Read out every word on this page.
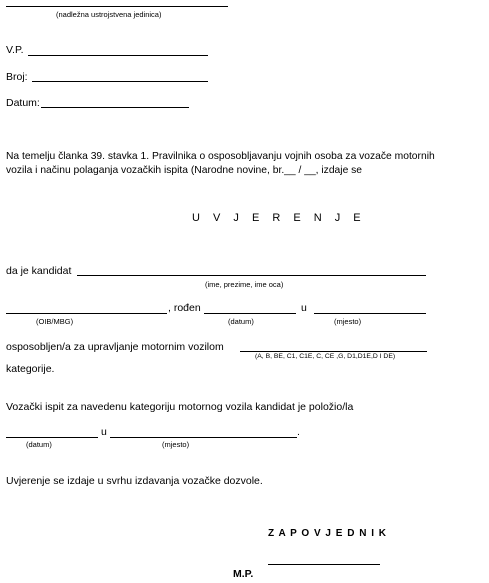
(nadležna ustrojstvena jedinica)
V.P.
Broj:
Datum:
Na temelju članka 39. stavka 1. Pravilnika o osposobljavanju vojnih osoba za vozače motornih
vozila i načinu polaganja vozačkih ispita (Narodne novine, br.__ / __, izdaje se
U V J E R E N J E
da je kandidat
(ime, prezime, ime oca)
, rođen	u
(OIB/MBG)	(datum)	(mjesto)
osposobljen/a za upravljanje motornim vozilom
(A, B, BE, C1, C1E, C, CE ,G, D1,D1E,D I DE)
kategorije.
Vozački ispit za navedenu kategoriju motornog vozila kandidat je položio/la
u	.
(datum)	(mjesto)
Uvjerenje se izdaje u svrhu izdavanja vozačke dozvole.
Z A P O V J E D N I K
M.P.
